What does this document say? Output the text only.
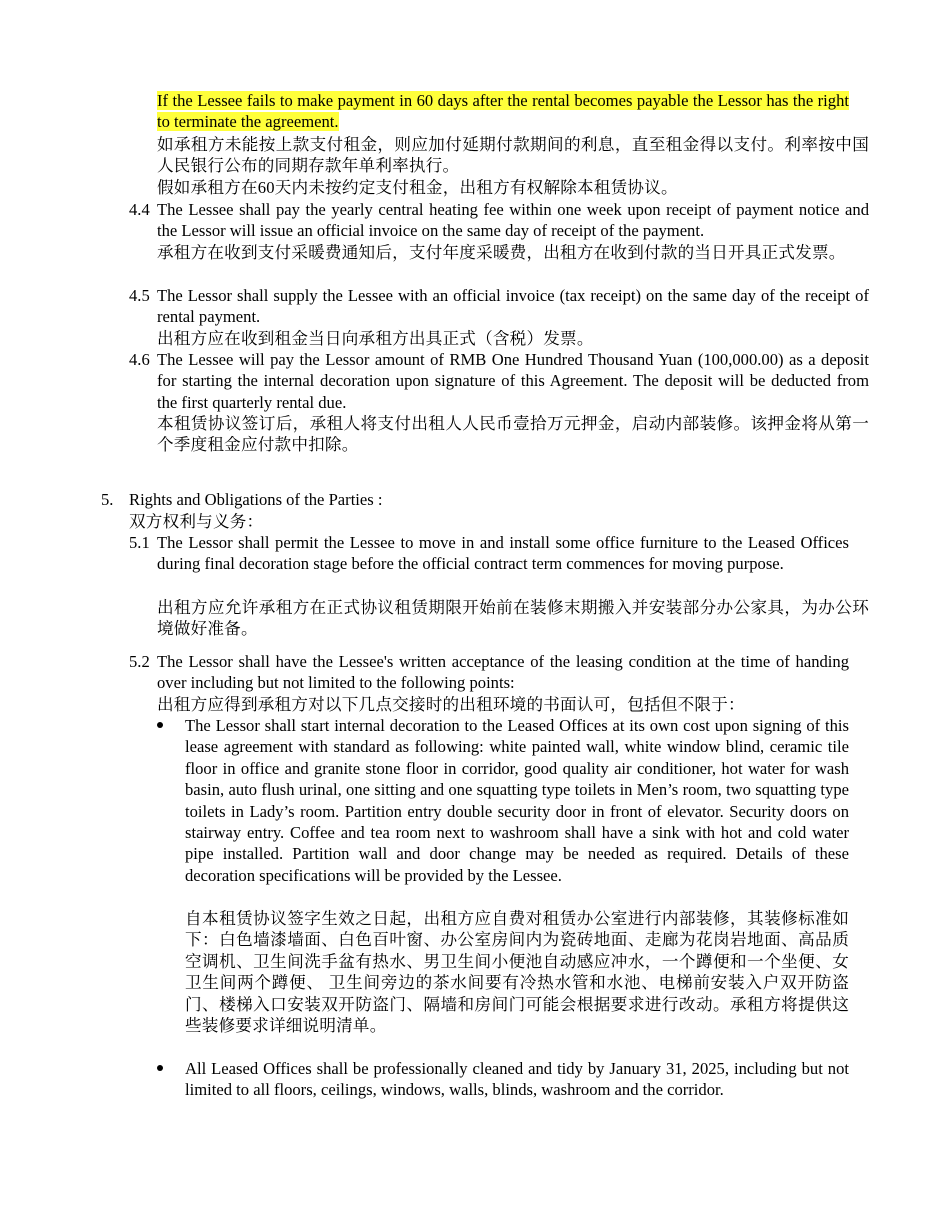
If the Lessee fails to make payment in 60 days after the rental becomes payable the Lessor has the right to terminate the agreement.
如承租方未能按上款支付租金，则应加付延期付款期间的利息，直至租金得以支付。利率按中国人民银行公布的同期存款年单利率执行。
假如承租方在60天内未按约定支付租金，出租方有权解除本租赁协议。
4.4 The Lessee shall pay the yearly central heating fee within one week upon receipt of payment notice and the Lessor will issue an official invoice on the same day of receipt of the payment.
承租方在收到支付采暖费通知后，支付年度采暖费，出租方在收到付款的当日开具正式发票。
4.5 The Lessor shall supply the Lessee with an official invoice (tax receipt) on the same day of the receipt of rental payment.
出租方应在收到租金当日向承租方出具正式（含税）发票。
4.6 The Lessee will pay the Lessor amount of RMB One Hundred Thousand Yuan (100,000.00) as a deposit for starting the internal decoration upon signature of this Agreement. The deposit will be deducted from the first quarterly rental due.
本租赁协议签订后，承租人将支付出租人人民币壹拾万元押金，启动内部装修。该押金将从第一个季度租金应付款中扣除。
5. Rights and Obligations of the Parties :
双方权利与义务：
5.1 The Lessor shall permit the Lessee to move in and install some office furniture to the Leased Offices during final decoration stage before the official contract term commences for moving purpose.
出租方应允许承租方在正式协议租赁期限开始前在装修末期搬入并安装部分办公家具，为办公环境做好准备。
5.2 The Lessor shall have the Lessee's written acceptance of the leasing condition at the time of handing over including but not limited to the following points:
出租方应得到承租方对以下几点交接时的出租环境的书面认可，包括但不限于：
The Lessor shall start internal decoration to the Leased Offices at its own cost upon signing of this lease agreement with standard as following: white painted wall, white window blind, ceramic tile floor in office and granite stone floor in corridor, good quality air conditioner, hot water for wash basin, auto flush urinal, one sitting and one squatting type toilets in Men’s room, two squatting type toilets in Lady’s room. Partition entry double security door in front of elevator. Security doors on stairway entry. Coffee and tea room next to washroom shall have a sink with hot and cold water pipe installed. Partition wall and door change may be needed as required. Details of these decoration specifications will be provided by the Lessee.
自本租赁协议签字生效之日起，出租方应自费对租赁办公室进行内部装修，其装修标准如下：白色墙漆墙面、白色百叶窗、办公室房间内为瓷砖地面、走廊为花岗岩地面、高品质空调机、卫生间洗手盆有热水、男卫生间小便池自动感应冲水，一个蹲便和一个坐便、女卫生间两个蹲便、 卫生间旁边的茶水间要有冷热水管和水池、电梯前安装入户双开防盗门、楼梯入口安装双开防盗门、隔墙和房间门可能会根据要求进行改动。承租方将提供这些装修要求详细说明清单。
All Leased Offices shall be professionally cleaned and tidy by January 31, 2025, including but not limited to all floors, ceilings, windows, walls, blinds, washroom and the corridor.
